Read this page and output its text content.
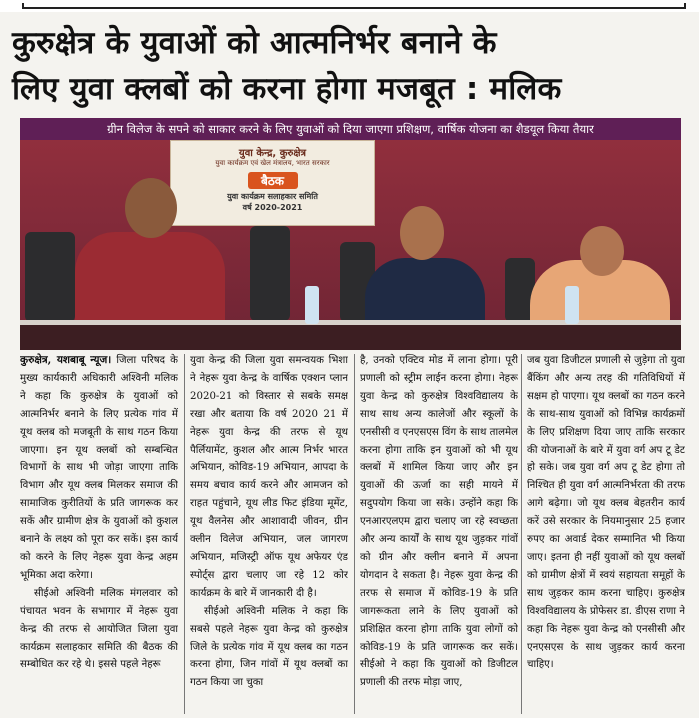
कुरुक्षेत्र के युवाओं को आत्मनिर्भर बनाने के
लिए युवा क्लबों को करना होगा मजबूत : मलिक
ग्रीन विलेज के सपने को साकार करने के लिए युवाओं को दिया जाएगा प्रशिक्षण, वार्षिक योजना का शैडयूल किया तैयार
युवा केन्द्र, कुरुक्षेत्र
युवा कार्यक्रम एवं खेल मंत्रालय, भारत सरकार
बैठक
युवा कार्यक्रम सलाहकार समिति
वर्ष 2020-2021

कुरुक्षेत्र, यशबाबू न्यूज। जिला परिषद के मुख्य कार्यकारी अधिकारी अश्विनी मलिक ने कहा कि कुरुक्षेत्र के युवाओं को आत्मनिर्भर बनाने के लिए प्रत्येक गांव में यूथ क्लब को मजबूती के साथ गठन किया जाएगा। इन यूथ क्लबों को सम्बन्धित विभागों के साथ भी जोड़ा जाएगा ताकि विभाग और यूथ क्लब मिलकर समाज की सामाजिक कुरीतियों के प्रति जागरूक कर सकें और ग्रामीण क्षेत्र के युवाओं को कुशल बनाने के लक्ष्य को पूरा कर सकें। इस कार्य को करने के लिए नेहरू युवा केन्द्र अहम भूमिका अदा करेगा।

सीईओ अश्विनी मलिक मंगलवार को पंचायत भवन के सभागार में नेहरू युवा केन्द्र की तरफ से आयोजित जिला युवा कार्यक्रम सलाहकार समिति की बैठक की सम्बोधित कर रहे थे। इससे पहले नेहरू

युवा केन्द्र की जिला युवा समन्वयक भिशा ने नेहरू युवा केन्द्र के वार्षिक एक्शन प्लान 2020-21 को विस्तार से सबके समक्ष रखा और बताया कि वर्ष 2020 21 में नेहरू युवा केन्द्र की तरफ से यूथ पैर्लियामेंट, कुशल और आत्म निर्भर भारत अभियान, कोविड-19 अभियान, आपदा के समय बचाव कार्य करने और आमजन को राहत पहुंचाने, यूथ लीड फिट इंडिया मूमेंट, यूथ वैलनेस और आशावादी जीवन, ग्रीन क्लीन विलेज अभियान, जल जागरण अभियान, मजिस्ट्री ऑफ यूथ अफेयर एंड स्पोर्ट्स द्वारा चलाए जा रहे 12 कोर कार्यक्रम के बारे में जानकारी दी है।

सीईओ अश्विनी मलिक ने कहा कि सबसे पहले नेहरू युवा केन्द्र को कुरुक्षेत्र जिले के प्रत्येक गांव में यूथ क्लब का गठन करना होगा, जिन गांवों में यूथ क्लबों का गठन किया जा चुका

है, उनको एक्टिव मोड में लाना होगा। पूरी प्रणाली को स्ट्रीम लाईन करना होगा। नेहरू युवा केन्द्र को कुरुक्षेत्र विश्वविद्यालय के साथ साथ अन्य कालेजों और स्कूलों के एनसीसी व एनएसएस विंग के साथ तालमेल करना होगा ताकि इन युवाओं को भी यूथ क्लबों में शामिल किया जाए और इन युवाओं की ऊर्जा का सही मायने में सदुपयोग किया जा सके। उन्होंने कहा कि एनआरएलएम द्वारा चलाए जा रहे स्वच्छता और अन्य कार्यों के साथ यूथ जुड़कर गांवों को ग्रीन और क्लीन बनाने में अपना योगदान दे सकता है। नेहरू युवा केन्द्र की तरफ से समाज में कोविड-19 के प्रति जागरूकता लाने के लिए युवाओं को प्रशिक्षित करना होगा ताकि युवा लोगों को कोविड-19 के प्रति जागरूक कर सकें। सीईओ ने कहा कि युवाओं को डिजीटल प्रणाली की तरफ मोड़ा जाए,

जब युवा डिजीटल प्रणाली से जुड़ेगा तो युवा बैंकिंग और अन्य तरह की गतिविधियों में सक्षम हो पाएगा। यूथ क्लबों का गठन करने के साथ-साथ युवाओं को विभिन्न कार्यक्रमों के लिए प्रशिक्षण दिया जाए ताकि सरकार की योजनाओं के बारे में युवा वर्ग अप टू डेट हो सके। जब युवा वर्ग अप टू डेट होगा तो निश्चित ही युवा वर्ग आत्मनिर्भरता की तरफ आगे बढ़ेगा। जो यूथ क्लब बेहतरीन कार्य करें उसे सरकार के नियमानुसार 25 हजार रुपए का अवार्ड देकर सम्मानित भी किया जाए। इतना ही नहीं युवाओं को यूथ क्लबों को ग्रामीण क्षेत्रों में स्वयं सहायता समूहों के साथ जुड़कर काम करना चाहिए। कुरुक्षेत्र विश्वविद्यालय के प्रोफेसर डा. डीएस राणा ने कहा कि नेहरू युवा केन्द्र को एनसीसी और एनएसएस के साथ जुड़कर कार्य करना चाहिए।
